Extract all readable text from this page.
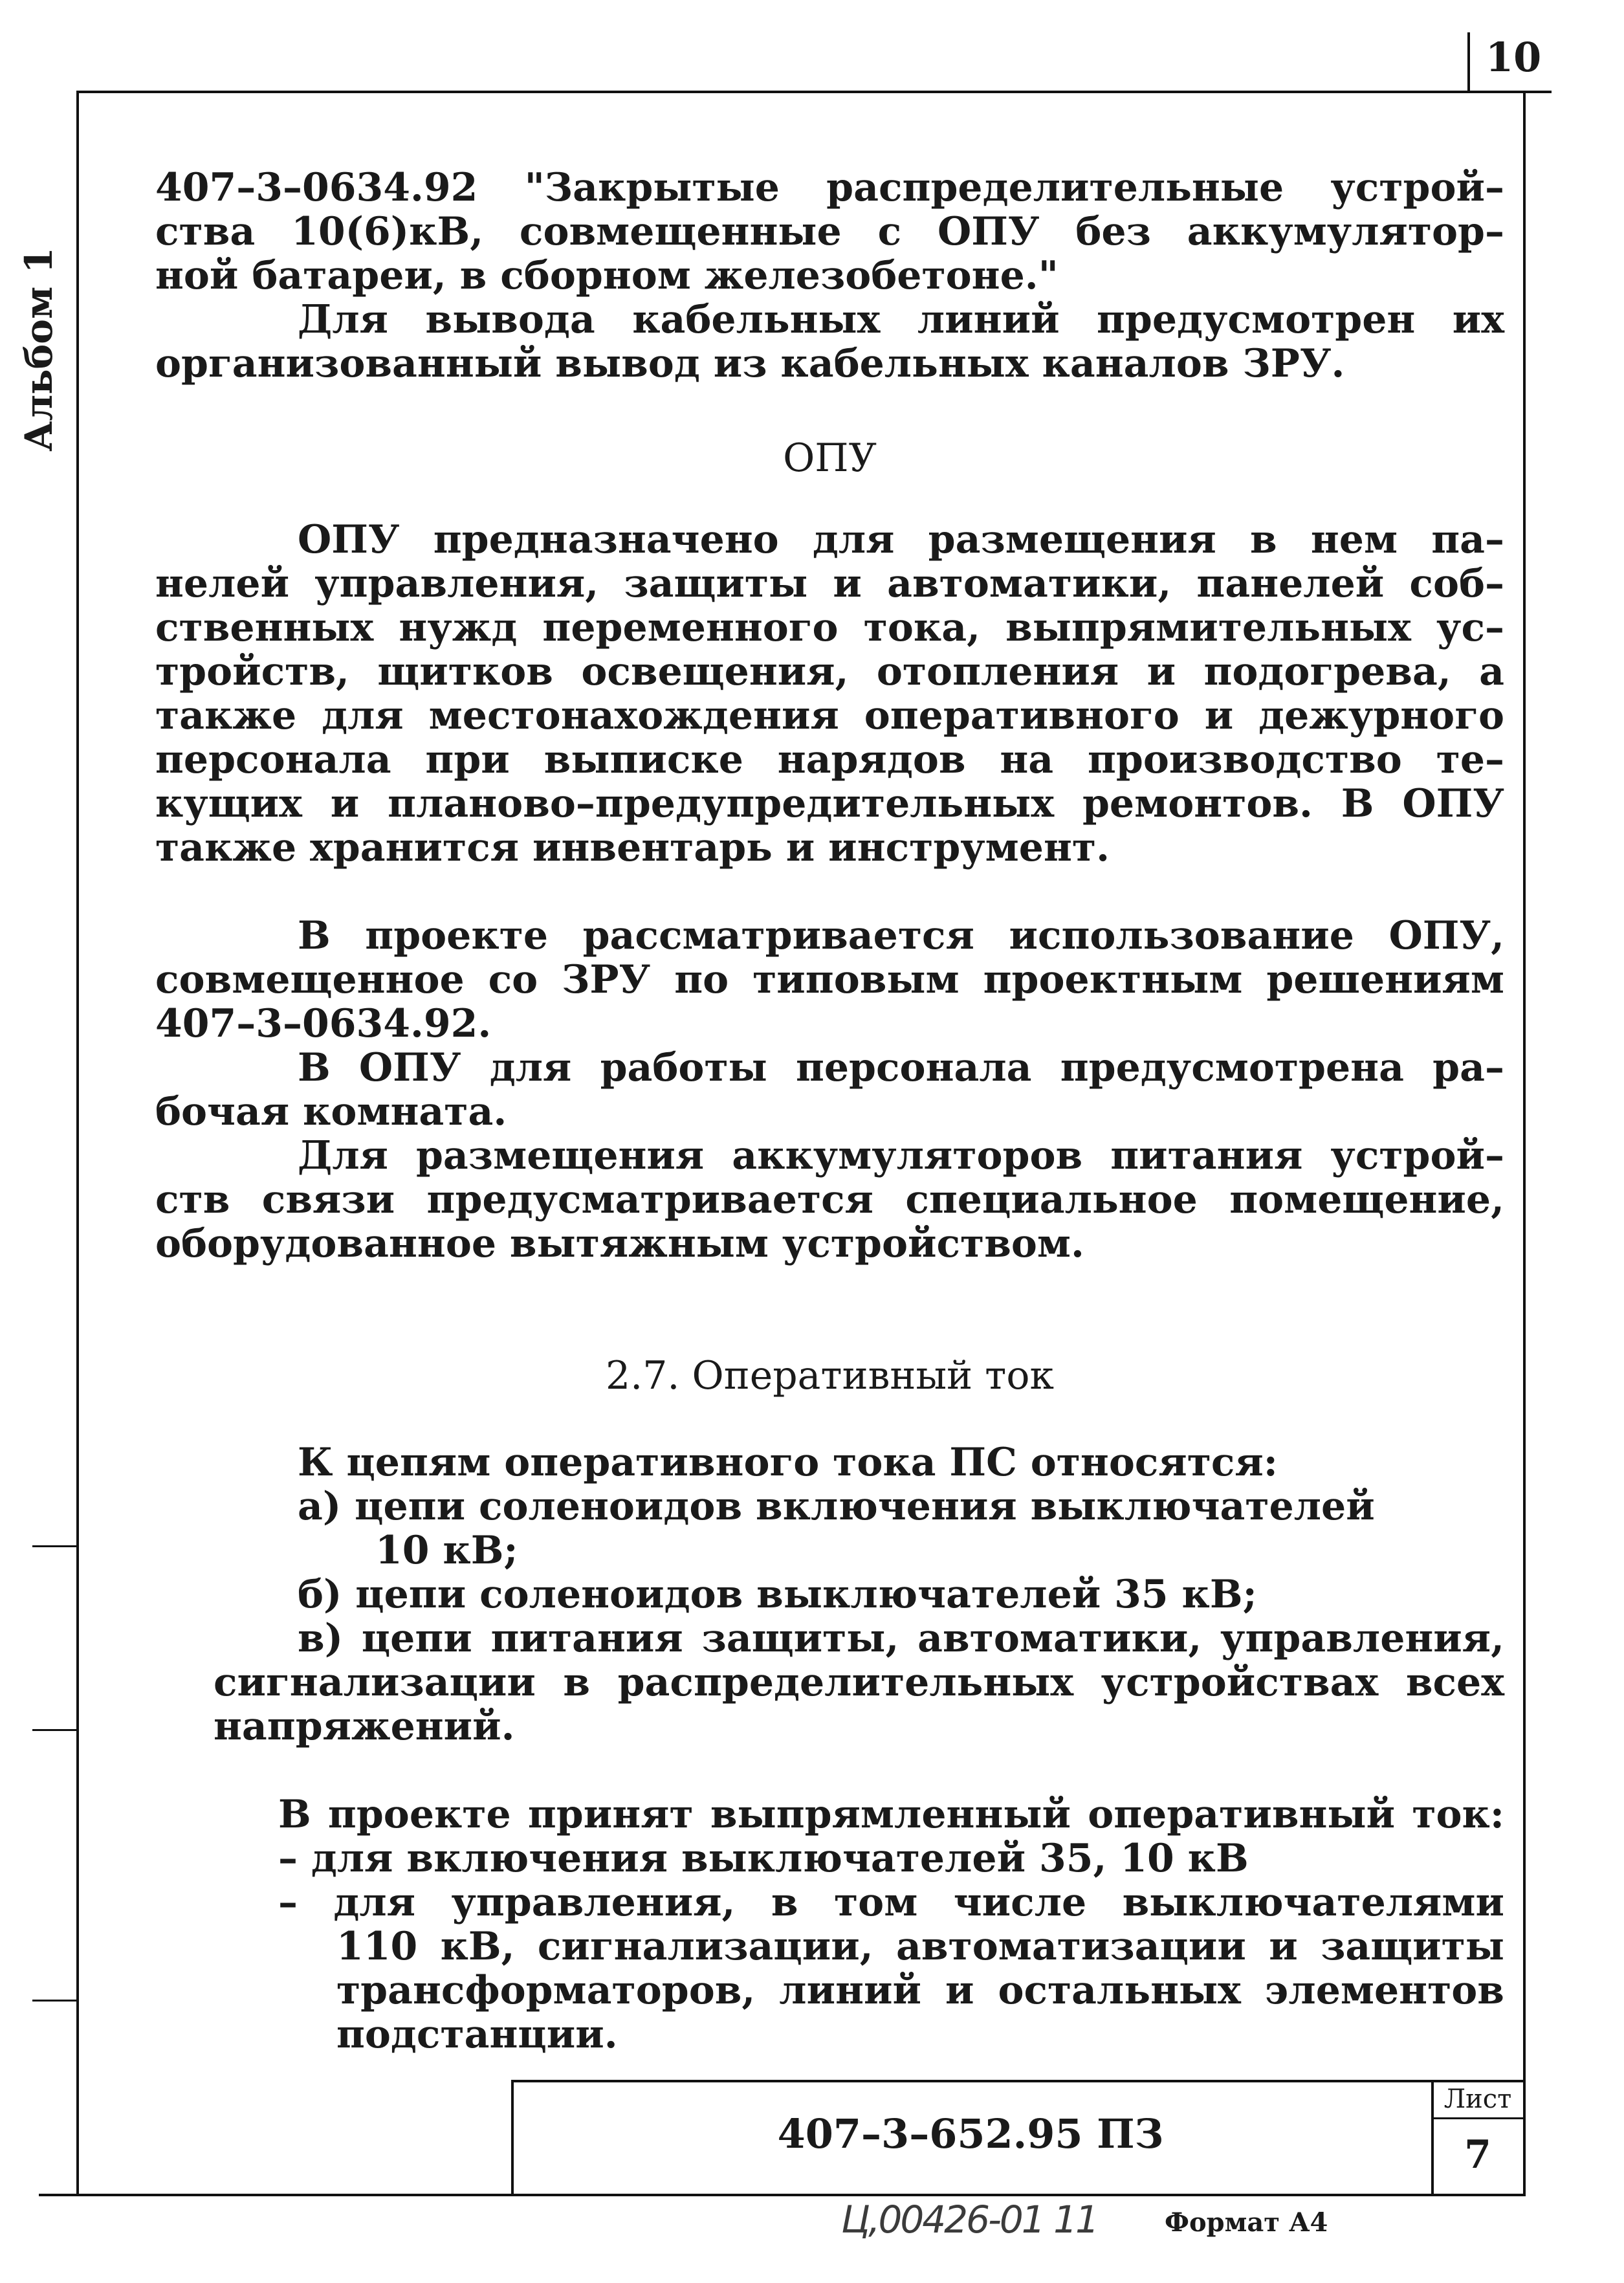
10
Альбом 1

407–3–0634.92 "Закрытые распределительные устрой–

ства 10(6)кВ, совмещенные с ОПУ без аккумулятор–

ной батареи, в сборном железобетоне."

Для вывода кабельных линий предусмотрен их

организованный вывод из кабельных каналов ЗРУ.

ОПУ

ОПУ предназначено для размещения в нем па–

нелей управления, защиты и автоматики, панелей соб–

ственных нужд переменного тока, выпрямительных ус–

тройств, щитков освещения, отопления и подогрева, а

также для местонахождения оперативного и дежурного

персонала при выписке нарядов на производство те–

кущих и планово–предупредительных ремонтов. В ОПУ

также хранится инвентарь и инструмент.

В проекте рассматривается использование ОПУ,

совмещенное со ЗРУ по типовым проектным решениям

407–3–0634.92.

В ОПУ для работы персонала предусмотрена ра–

бочая комната.

Для размещения аккумуляторов питания устрой–

ств связи предусматривается специальное помещение,

оборудованное вытяжным устройством.

2.7. Оперативный ток

К цепям оперативного тока ПС относятся:

а) цепи соленоидов включения выключателей

10 кВ;

б) цепи соленоидов выключателей 35 кВ;

в) цепи питания защиты, автоматики, управления,

сигнализации в распределительных устройствах всех

напряжений.

В проекте принят выпрямленный оперативный ток:

– для включения выключателей 35, 10 кВ

– для управления, в том числе выключателями

110 кВ, сигнализации, автоматизации и защиты

трансформаторов, линий и остальных элементов

подстанции.

407–3–652.95 ПЗ
Лист
7
Ц,00426-01 11	Формат А4
